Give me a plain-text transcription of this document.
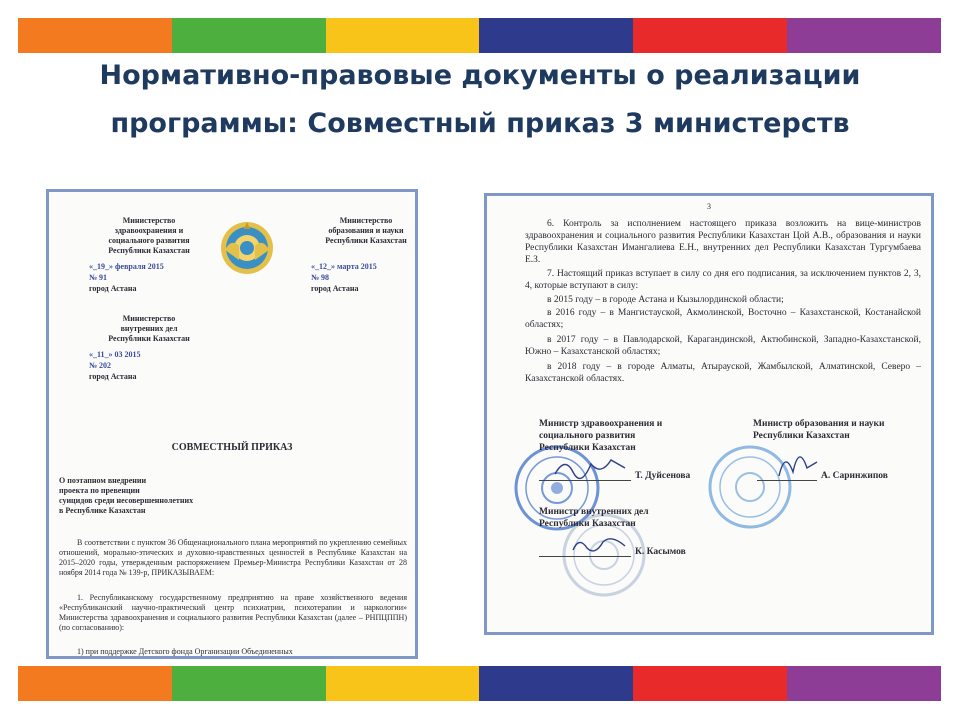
Нормативно-правовые документы о реализации
программы: Совместный приказ 3 министерств
Министерство
здравоохранения и
социального развития
Республики Казахстан
«_19_» февраля 2015
№ 91
город Астана
Министерство
образования и науки
Республики Казахстан
«_12_» марта 2015
№ 98
город Астана
Министерство
внутренних дел
Республики Казахстан
«_11_» 03 2015
№ 202
город Астана
СОВМЕСТНЫЙ ПРИКАЗ
О поэтапном внедрении
проекта по превенции
суицидов среди несовершеннолетних
в Республике Казахстан
В соответствии с пунктом 36 Общенационального плана мероприятий по укреплению семейных отношений, морально-этических и духовно-нравственных ценностей в Республике Казахстан на 2015–2020 годы, утвержденным распоряжением Премьер-Министра Республики Казахстан от 28 ноября 2014 года № 139-р, ПРИКАЗЫВАЕМ:
1. Республиканскому государственному предприятию на праве хозяйственного ведения «Республиканский научно-практический центр психиатрии, психотерапии и наркологии» Министерства здравоохранения и социального развития Республики Казахстан (далее – РНПЦППН) (по согласованию):
1) при поддержке Детского фонда Организации Объединенных
3
6. Контроль за исполнением настоящего приказа возложить на вице-министров здравоохранения и социального развития Республики Казахстан Цой А.В., образования и науки Республики Казахстан Имангалиева Е.Н., внутренних дел Республики Казахстан Тургумбаева Е.З.
7. Настоящий приказ вступает в силу со дня его подписания, за исключением пунктов 2, 3, 4, которые вступают в силу:
в 2015 году – в городе Астана и Кызылординской области;
в 2016 году – в Мангистауской, Акмолинской, Восточно – Казахстанской, Костанайской областях;
в 2017 году – в Павлодарской, Карагандинской, Актюбинской, Западно-Казахстанской, Южно – Казахстанской областях;
в 2018 году – в городе Алматы, Атырауской, Жамбылской, Алматинской, Северо – Казахстанской областях.
Министр здравоохранения и
социального развития
Республики Казахстан
Т. Дуйсенова
Министр образования и науки
Республики Казахстан
А. Саринжипов
Министр внутренних дел
Республики Казахстан
К. Касымов
